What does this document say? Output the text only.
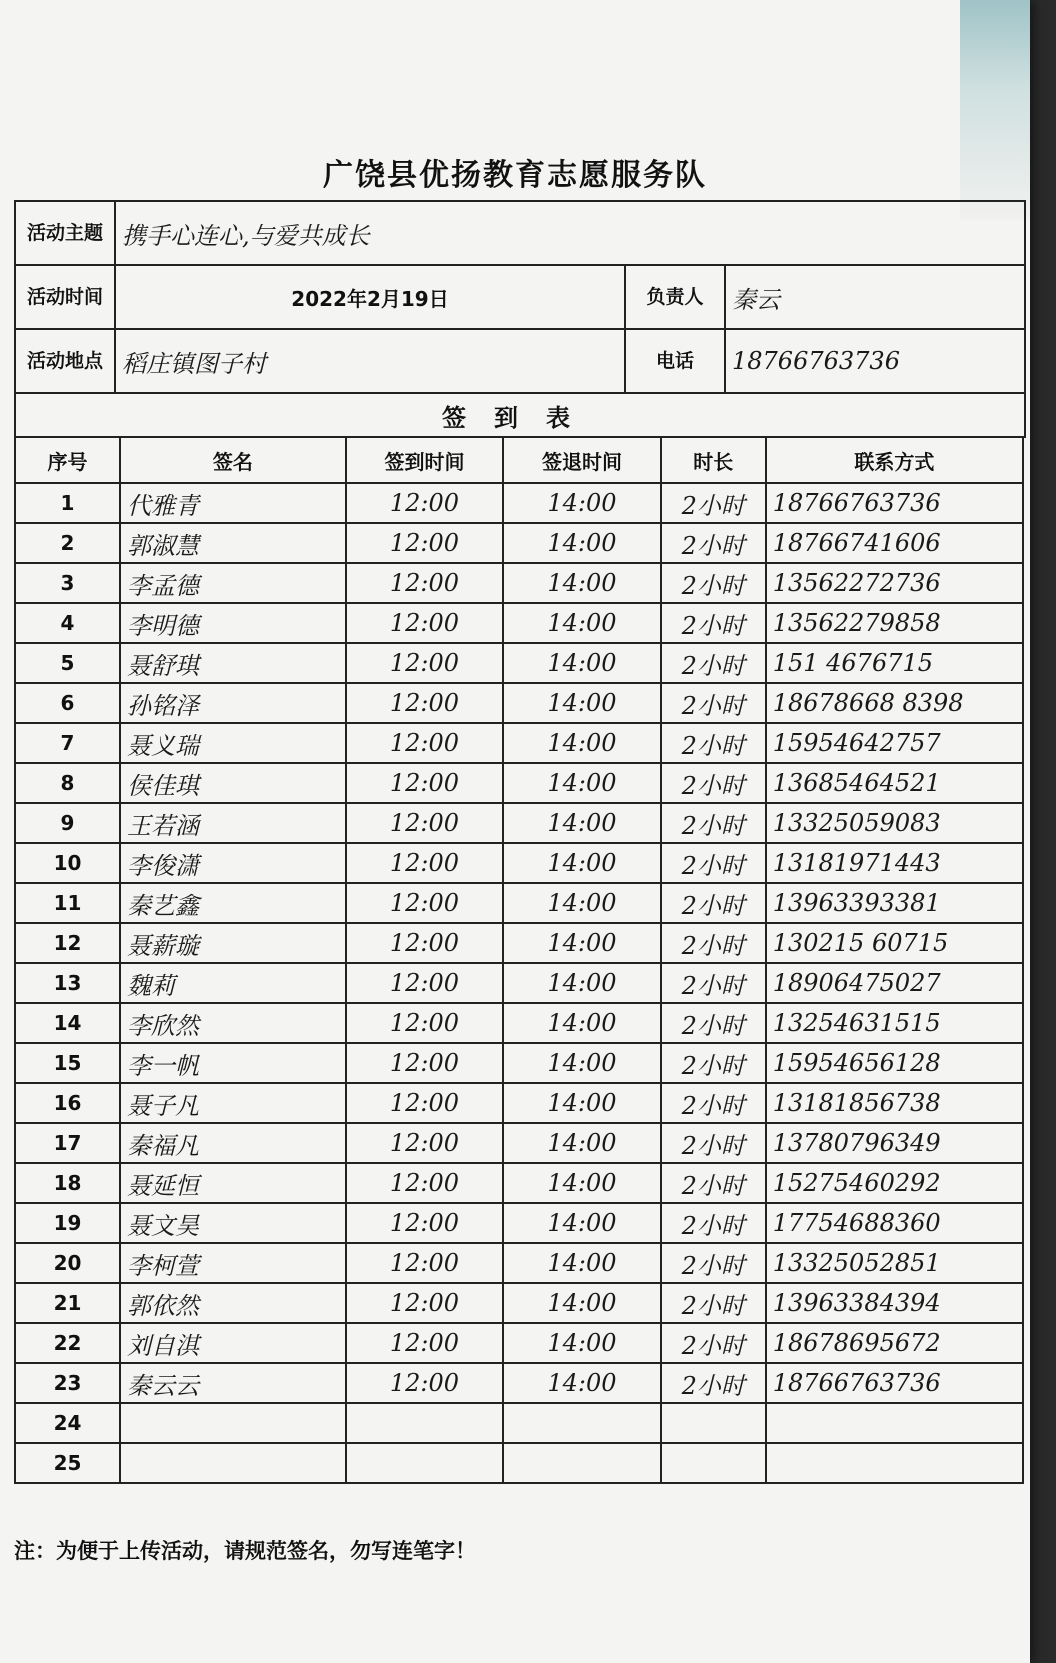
广饶县优扬教育志愿服务队
活动主题	携手心连心,与爱共成长		
活动时间	2022年2月19日	负责人	秦云
活动地点	稻庄镇图子村	电话	18766763736
签到表			
序号	签名	签到时间	签退时间	时长	联系方式
1	代雅青	12:00	14:00	2小时	18766763736
2	郭淑慧	12:00	14:00	2小时	18766741606
3	李孟德	12:00	14:00	2小时	13562272736
4	李明德	12:00	14:00	2小时	13562279858
5	聂舒琪	12:00	14:00	2小时	151 4676715
6	孙铭泽	12:00	14:00	2小时	18678668 8398
7	聂义瑞	12:00	14:00	2小时	15954642757
8	侯佳琪	12:00	14:00	2小时	13685464521
9	王若涵	12:00	14:00	2小时	13325059083
10	李俊潇	12:00	14:00	2小时	13181971443
11	秦艺鑫	12:00	14:00	2小时	13963393381
12	聂薪璇	12:00	14:00	2小时	130215 60715
13	魏莉	12:00	14:00	2小时	18906475027
14	李欣然	12:00	14:00	2小时	13254631515
15	李一帆	12:00	14:00	2小时	15954656128
16	聂子凡	12:00	14:00	2小时	13181856738
17	秦福凡	12:00	14:00	2小时	13780796349
18	聂延恒	12:00	14:00	2小时	15275460292
19	聂文昊	12:00	14:00	2小时	17754688360
20	李柯萱	12:00	14:00	2小时	13325052851
21	郭依然	12:00	14:00	2小时	13963384394
22	刘自淇	12:00	14:00	2小时	18678695672
23	秦云云	12:00	14:00	2小时	18766763736
24					
25					
注：为便于上传活动，请规范签名，勿写连笔字！
